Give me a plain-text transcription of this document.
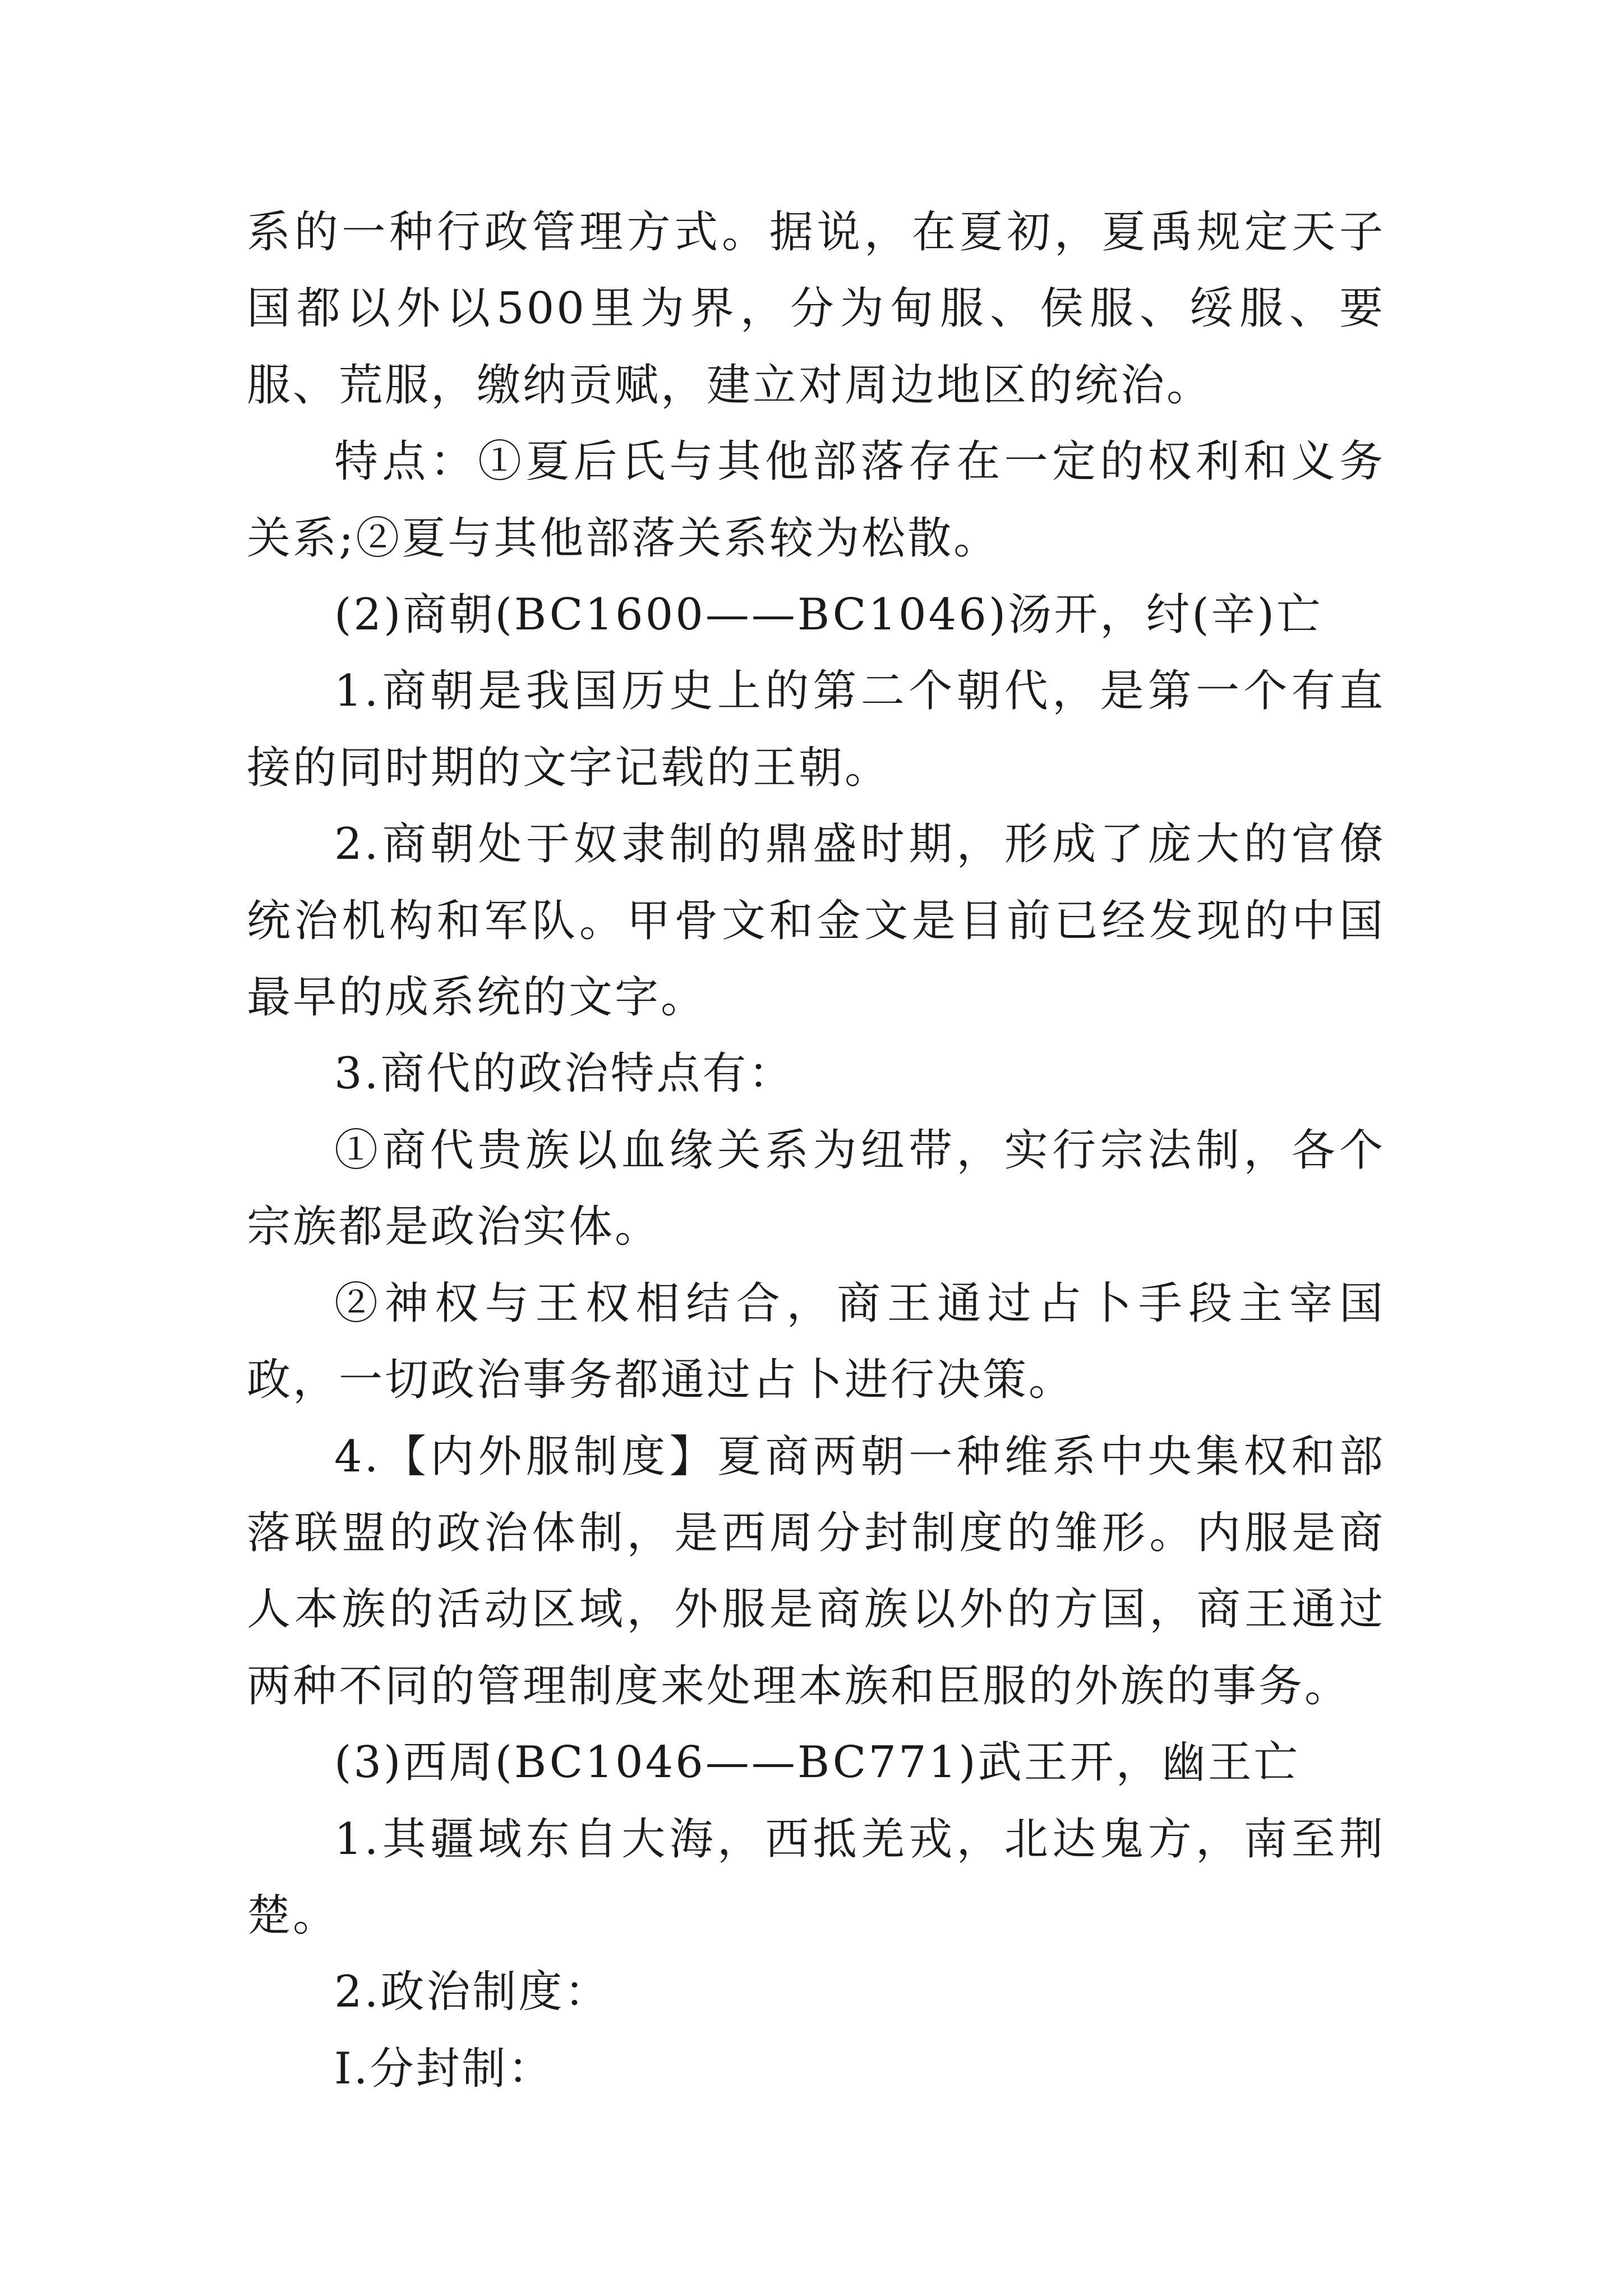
系的一种行政管理方式。据说，在夏初，夏禹规定天子国都以外以500里为界，分为甸服、侯服、绥服、要服、荒服，缴纳贡赋，建立对周边地区的统治。

特点：①夏后氏与其他部落存在一定的权利和义务关系;②夏与其他部落关系较为松散。

(2)商朝(BC1600——BC1046)汤开，纣(辛)亡

1.商朝是我国历史上的第二个朝代，是第一个有直接的同时期的文字记载的王朝。

2.商朝处于奴隶制的鼎盛时期，形成了庞大的官僚统治机构和军队。甲骨文和金文是目前已经发现的中国最早的成系统的文字。

3.商代的政治特点有：

①商代贵族以血缘关系为纽带，实行宗法制，各个宗族都是政治实体。

②神权与王权相结合，商王通过占卜手段主宰国政，一切政治事务都通过占卜进行决策。

4.【内外服制度】夏商两朝一种维系中央集权和部落联盟的政治体制，是西周分封制度的雏形。内服是商人本族的活动区域，外服是商族以外的方国，商王通过两种不同的管理制度来处理本族和臣服的外族的事务。

(3)西周(BC1046——BC771)武王开，幽王亡

1.其疆域东自大海，西抵羌戎，北达鬼方，南至荆楚。

2.政治制度：

Ⅰ.分封制：
